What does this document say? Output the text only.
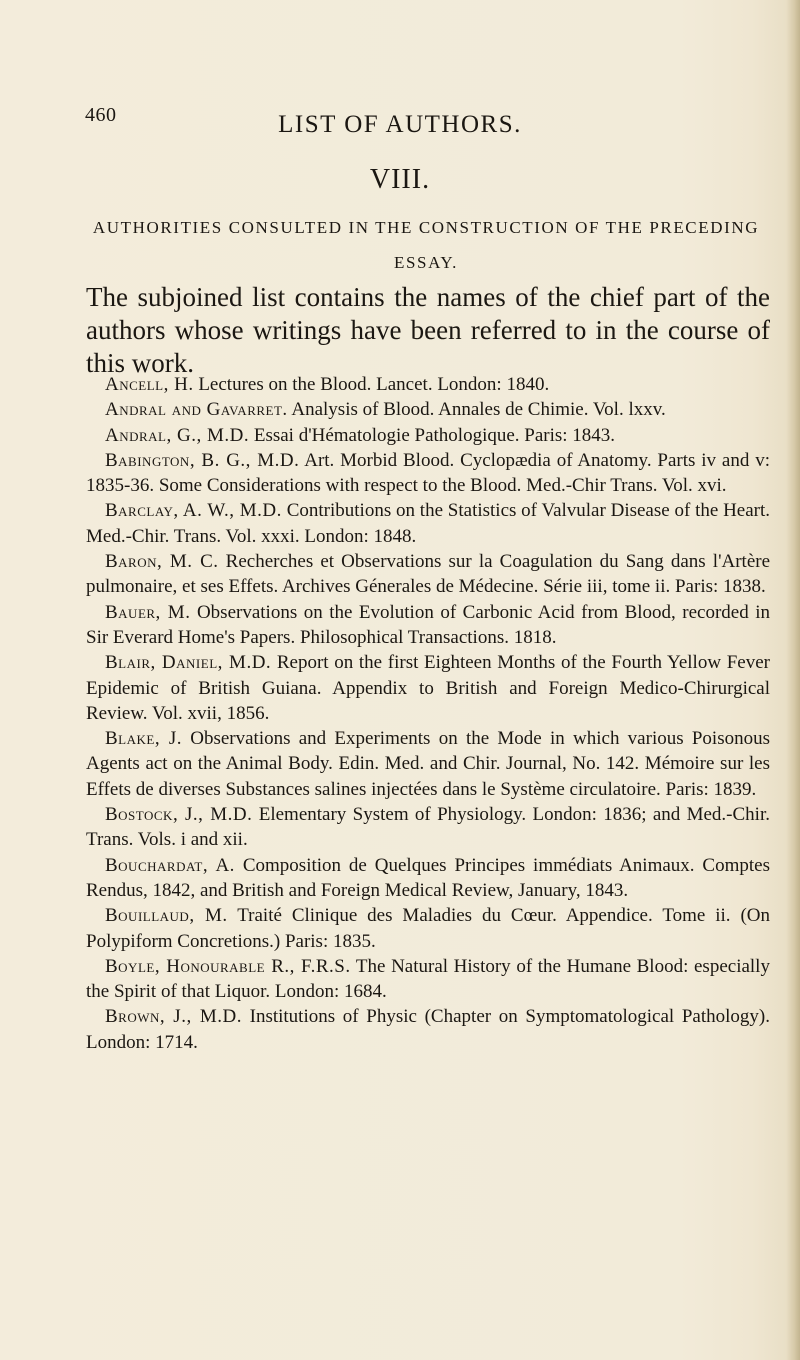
460	LIST OF AUTHORS.
VIII.
AUTHORITIES CONSULTED IN THE CONSTRUCTION OF THE PRECEDING ESSAY.

The subjoined list contains the names of the chief part of the authors whose writings have been referred to in the course of this work.

Ancell, H. Lectures on the Blood. Lancet. London: 1840.

Andral and Gavarret. Analysis of Blood. Annales de Chimie. Vol. lxxv.

Andral, G., M.D. Essai d'Hématologie Pathologique. Paris: 1843.

Babington, B. G., M.D. Art. Morbid Blood. Cyclopædia of Anatomy. Parts iv and v: 1835-36. Some Considerations with respect to the Blood. Med.-Chir Trans. Vol. xvi.

Barclay, A. W., M.D. Contributions on the Statistics of Valvular Disease of the Heart. Med.-Chir. Trans. Vol. xxxi. London: 1848.

Baron, M. C. Recherches et Observations sur la Coagulation du Sang dans l'Artère pulmonaire, et ses Effets. Archives Génerales de Médecine. Série iii, tome ii. Paris: 1838.

Bauer, M. Observations on the Evolution of Carbonic Acid from Blood, recorded in Sir Everard Home's Papers. Philosophical Transactions. 1818.

Blair, Daniel, M.D. Report on the first Eighteen Months of the Fourth Yellow Fever Epidemic of British Guiana. Appendix to British and Foreign Medico-Chirurgical Review. Vol. xvii, 1856.

Blake, J. Observations and Experiments on the Mode in which various Poisonous Agents act on the Animal Body. Edin. Med. and Chir. Journal, No. 142. Mémoire sur les Effets de diverses Substances salines injectées dans le Système circulatoire. Paris: 1839.

Bostock, J., M.D. Elementary System of Physiology. London: 1836; and Med.-Chir. Trans. Vols. i and xii.

Bouchardat, A. Composition de Quelques Principes immédiats Animaux. Comptes Rendus, 1842, and British and Foreign Medical Review, January, 1843.

Bouillaud, M. Traité Clinique des Maladies du Cœur. Appendice. Tome ii. (On Polypiform Concretions.) Paris: 1835.

Boyle, Honourable R., F.R.S. The Natural History of the Humane Blood: especially the Spirit of that Liquor. London: 1684.

Brown, J., M.D. Institutions of Physic (Chapter on Symptomatological Pathology). London: 1714.
